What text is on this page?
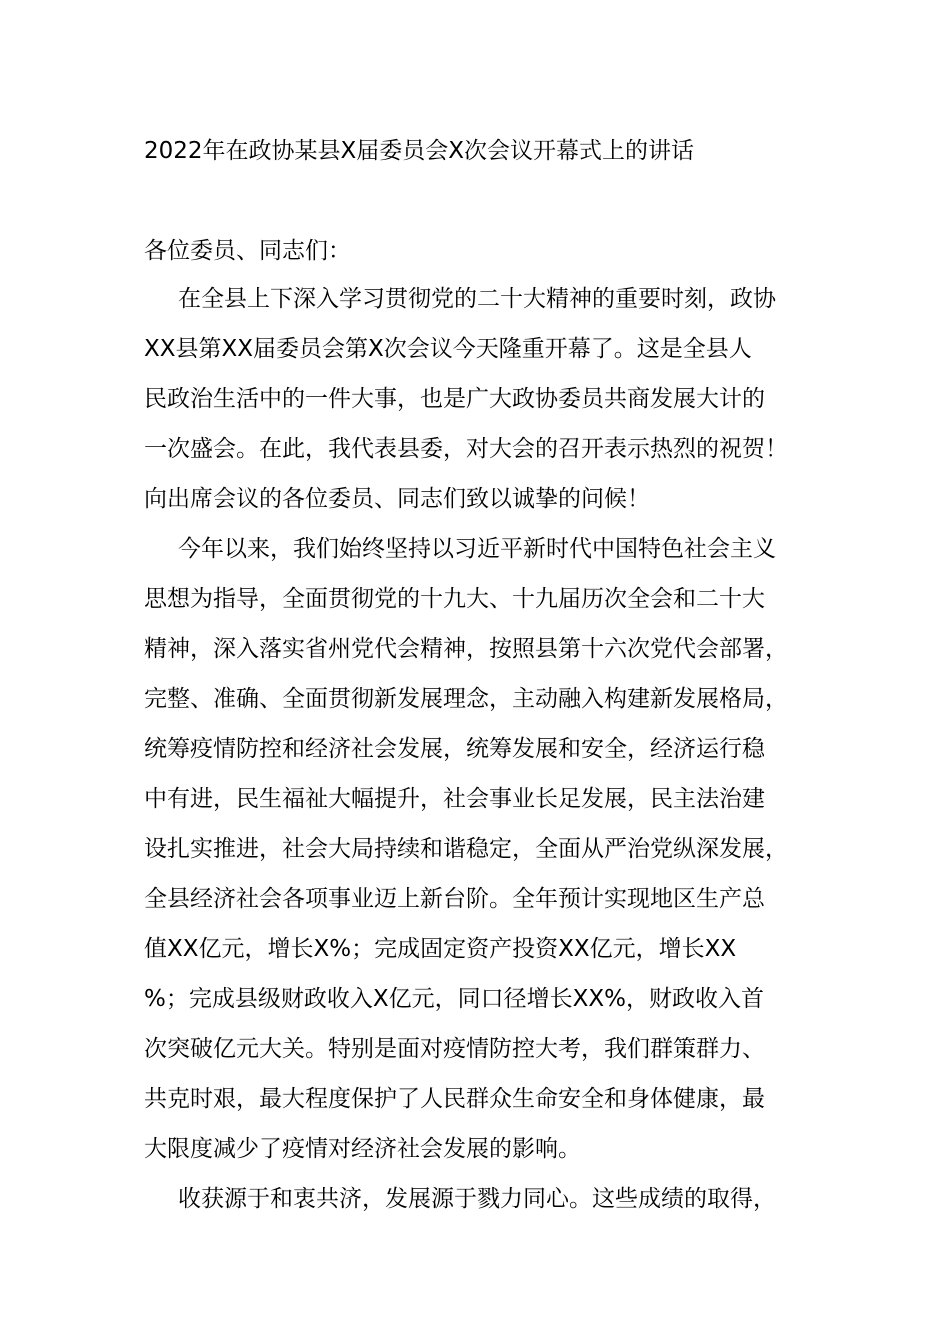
2022年在政协某县X届委员会X次会议开幕式上的讲话

各位委员、同志们：

在全县上下深入学习贯彻党的二十大精神的重要时刻，政协

XX县第XX届委员会第X次会议今天隆重开幕了。这是全县人

民政治生活中的一件大事，也是广大政协委员共商发展大计的

一次盛会。在此，我代表县委，对大会的召开表示热烈的祝贺！

向出席会议的各位委员、同志们致以诚挚的问候！

今年以来，我们始终坚持以习近平新时代中国特色社会主义

思想为指导，全面贯彻党的十九大、十九届历次全会和二十大

精神，深入落实省州党代会精神，按照县第十六次党代会部署，

完整、准确、全面贯彻新发展理念，主动融入构建新发展格局，

统筹疫情防控和经济社会发展，统筹发展和安全，经济运行稳

中有进，民生福祉大幅提升，社会事业长足发展，民主法治建

设扎实推进，社会大局持续和谐稳定，全面从严治党纵深发展，

全县经济社会各项事业迈上新台阶。全年预计实现地区生产总

值XX亿元，增长X%；完成固定资产投资XX亿元，增长XX

%；完成县级财政收入X亿元，同口径增长XX%，财政收入首

次突破亿元大关。特别是面对疫情防控大考，我们群策群力、

共克时艰，最大程度保护了人民群众生命安全和身体健康，最

大限度减少了疫情对经济社会发展的影响。

收获源于和衷共济，发展源于戮力同心。这些成绩的取得，
